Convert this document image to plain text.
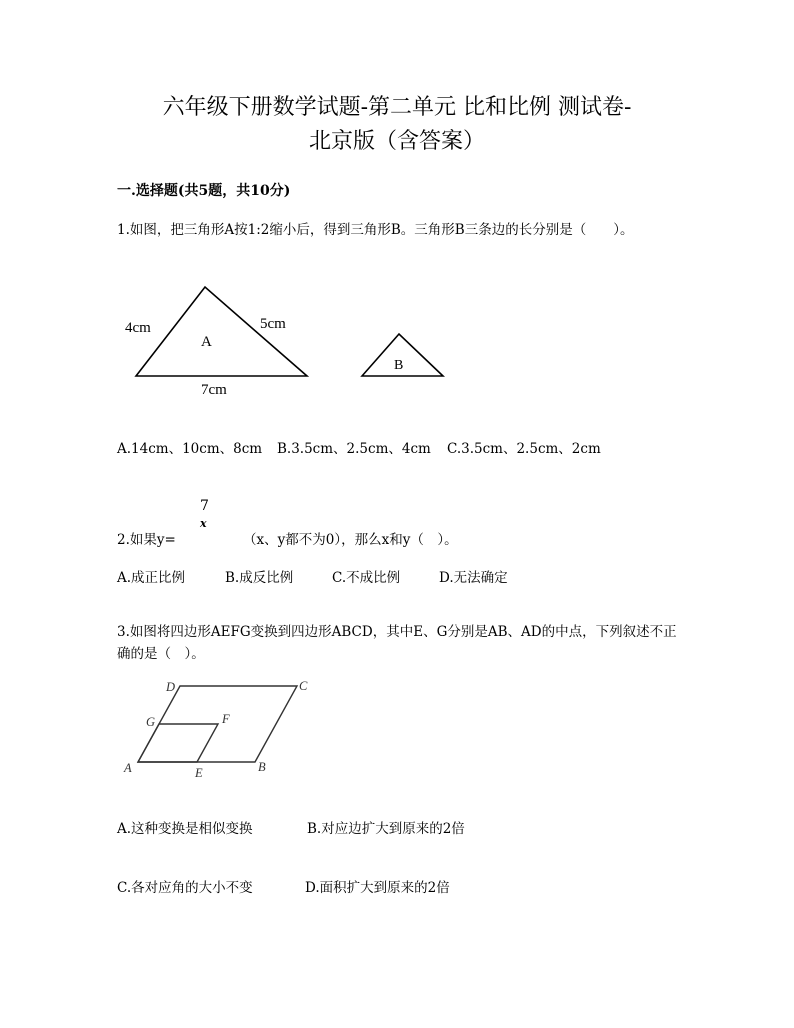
六年级下册数学试题-第二单元 比和比例 测试卷-
北京版（含答案）
一.选择题(共5题，共10分)
1.如图，把三角形A按1:2缩小后，得到三角形B。三角形B三条边的长分别是（　　）。
4cm	5cm
7cm
A
B
A.14cm、10cm、8cm B.3.5cm、2.5cm、4cm C.3.5cm、2.5cm、2cm
2.如果y=
7
x
（x、y都不为0），那么x和y（　）。
A.成正比例	B.成反比例	C.不成比例	D.无法确定
3.如图将四边形AEFG变换到四边形ABCD，其中E、G分别是AB、AD的中点，下列叙述不正确的是（　）。
D	C
G	F
A	E	B
A.这种变换是相似变换	B.对应边扩大到原来的2倍
C.各对应角的大小不变	D.面积扩大到原来的2倍
